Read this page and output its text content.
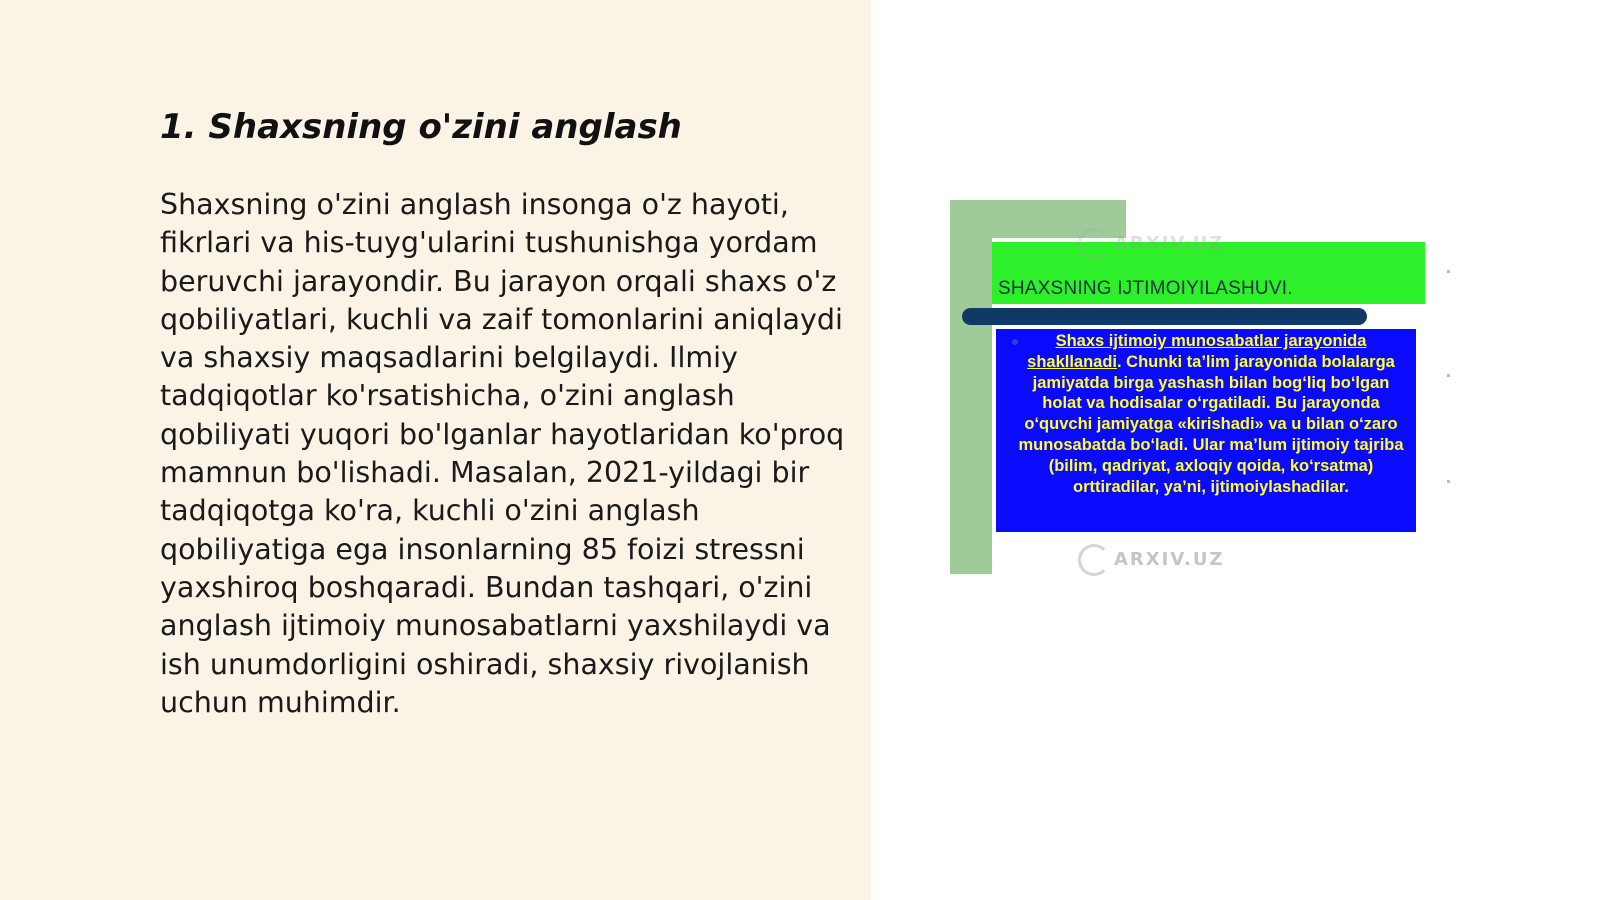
1. Shaxsning o'zini anglash

Shaxsning o'zini anglash insonga o'z hayoti, fikrlari va his-tuyg'ularini tushunishga yordam beruvchi jarayondir. Bu jarayon orqali shaxs o'z qobiliyatlari, kuchli va zaif tomonlarini aniqlaydi va shaxsiy maqsadlarini belgilaydi. Ilmiy tadqiqotlar ko'rsatishicha, o'zini anglash qobiliyati yuqori bo'lganlar hayotlaridan ko'proq mamnun bo'lishadi. Masalan, 2021-yildagi bir tadqiqotga ko'ra, kuchli o'zini anglash qobiliyatiga ega insonlarning 85 foizi stressni yaxshiroq boshqaradi. Bundan tashqari, o'zini anglash ijtimoiy munosabatlarni yaxshilaydi va ish unumdorligini oshiradi, shaxsiy rivojlanish uchun muhimdir.

ARXIV.UZ
SHAXSNING IJTIMOIYILASHUVI.

Shaxs ijtimoiy munosabatlar jarayonida shakllanadi. Chunki ta’lim jarayonida bolalarga jamiyatda birga yashash bilan bog‘liq bo‘lgan holat va hodisalar o‘rgatiladi. Bu jarayonda o‘quvchi jamiyatga «kirishadi» va u bilan o‘zaro munosabatda bo‘ladi. Ular ma’lum ijtimoiy tajriba (bilim, qadriyat, axloqiy qoida, ko‘rsatma) orttiradilar, ya’ni, ijtimoiylashadilar.

ARXIV.UZ
